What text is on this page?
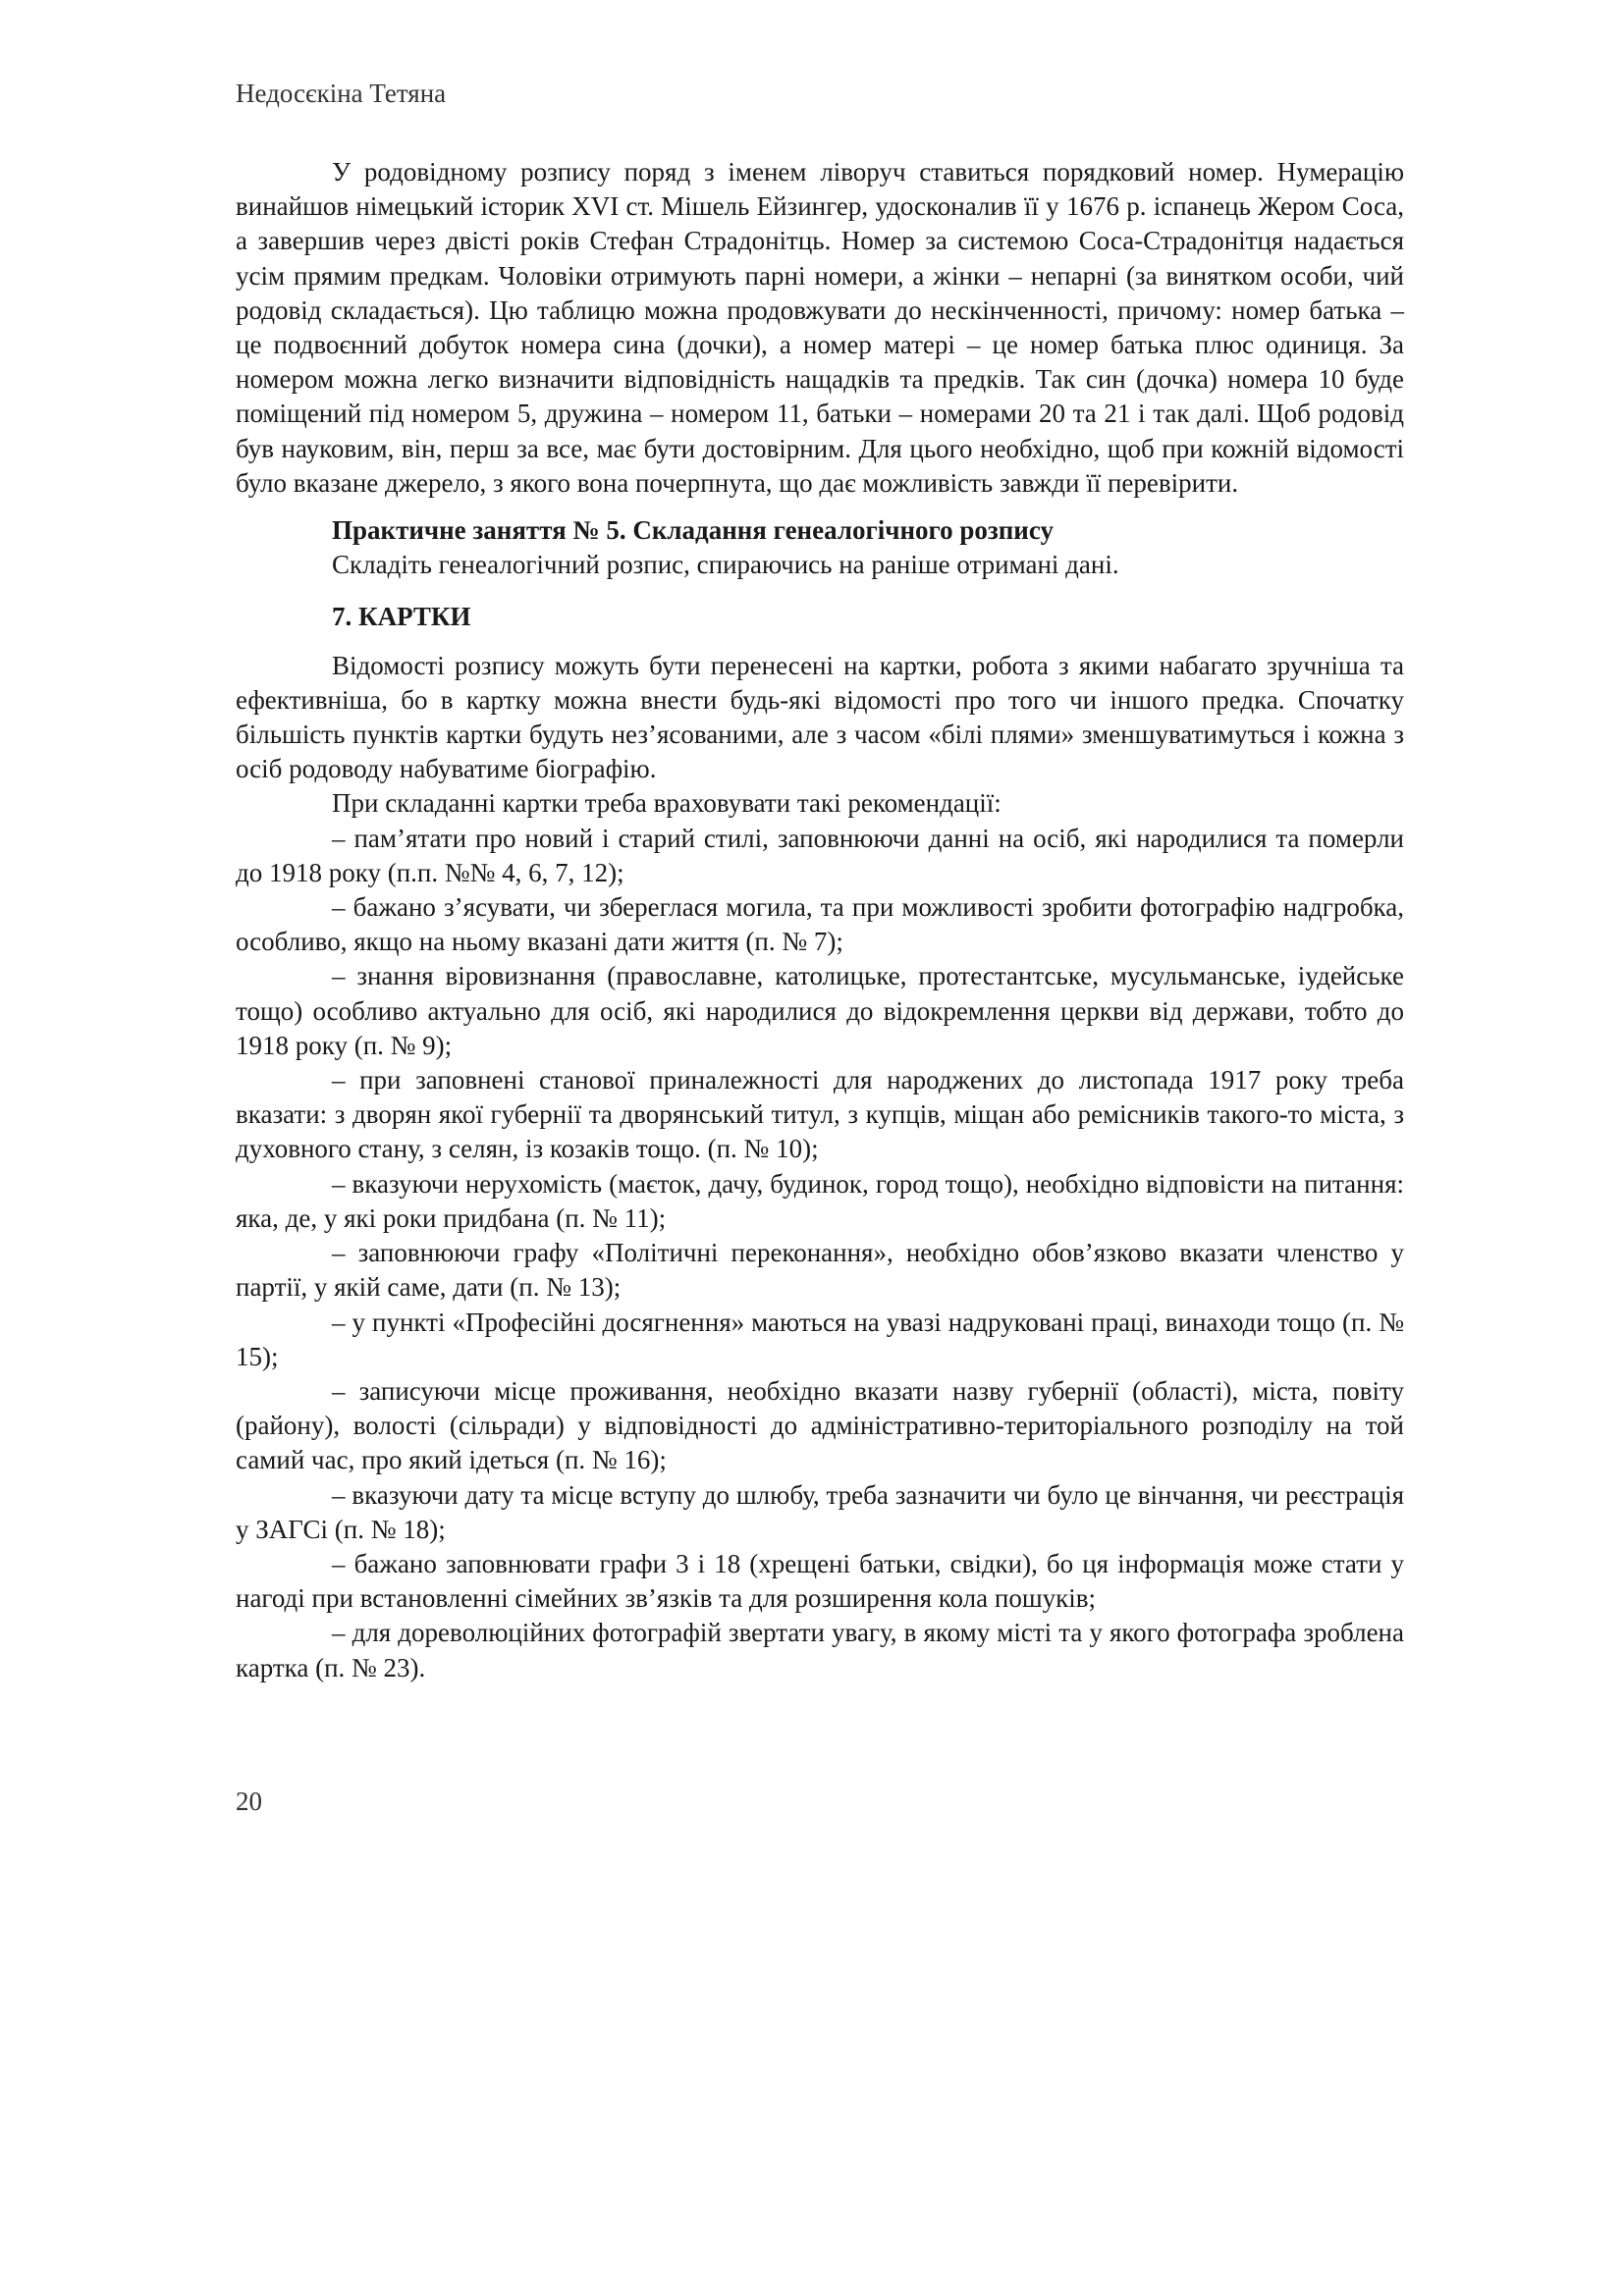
Недосєкіна Тетяна

У родовідному розпису поряд з іменем ліворуч ставиться порядковий номер. Нумерацію винайшов німецький історик XVI ст. Мішель Ейзингер, удосконалив її у 1676 р. іспанець Жером Соса, а завершив через двісті років Стефан Страдонітць. Номер за системою Соса-Страдонітця надається усім прямим предкам. Чоловіки отримують парні номери, а жінки – непарні (за винятком особи, чий родовід складається). Цю таблицю можна продовжувати до нескінченності, причому: номер батька – це подвоєнний добуток номера сина (дочки), а номер матері – це номер батька плюс одиниця. За номером можна легко визначити відповідність нащадків та предків. Так син (дочка) номера 10 буде поміщений під номером 5, дружина – номером 11, батьки – номерами 20 та 21 і так далі. Щоб родовід був науковим, він, перш за все, має бути достовірним. Для цього необхідно, щоб при кожній відомості було вказане джерело, з якого вона почерпнута, що дає можливість завжди її перевірити.

Практичне заняття № 5. Складання генеалогічного розпису
Складіть генеалогічний розпис, спираючись на раніше отримані дані.
7. КАРТКИ

Відомості розпису можуть бути перенесені на картки, робота з якими набагато зручніша та ефективніша, бо в картку можна внести будь-які відомості про того чи іншого предка. Спочатку більшість пунктів картки будуть нез’ясованими, але з часом «білі плями» зменшуватимуться і кожна з осіб родоводу набуватиме біографію.

При складанні картки треба враховувати такі рекомендації:

– пам’ятати про новий і старий стилі, заповнюючи данні на осіб, які народилися та померли до 1918 року (п.п. №№ 4, 6, 7, 12);

– бажано з’ясувати, чи збереглася могила, та при можливості зробити фотографію надгробка, особливо, якщо на ньому вказані дати життя (п. № 7);

– знання віровизнання (православне, католицьке, протестантське, мусульманське, іудейське тощо) особливо актуально для осіб, які народилися до відокремлення церкви від держави, тобто до 1918 року (п. № 9);

– при заповнені станової приналежності для народжених до листопада 1917 року треба вказати: з дворян якої губернії та дворянський титул, з купців, міщан або ремісників такого-то міста, з духовного стану, з селян, із козаків тощо. (п. № 10);

– вказуючи нерухомість (маєток, дачу, будинок, город тощо), необхідно відповісти на питання: яка, де, у які роки придбана (п. № 11);

– заповнюючи графу «Політичні переконання», необхідно обов’язково вказати членство у партії, у якій саме, дати (п. № 13);

– у пункті «Професійні досягнення» маються на увазі надруковані праці, винаходи тощо (п. № 15);

– записуючи місце проживання, необхідно вказати назву губернії (області), міста, повіту (району), волості (сільради) у відповідності до адміністративно-територіального розподілу на той самий час, про який ідеться (п. № 16);

– вказуючи дату та місце вступу до шлюбу, треба зазначити чи було це вінчання, чи реєстрація у ЗАГСі (п. № 18);

– бажано заповнювати графи 3 і 18 (хрещені батьки, свідки), бо ця інформація може стати у нагоді при встановленні сімейних зв’язків та для розширення кола пошуків;

– для дореволюційних фотографій звертати увагу, в якому місті та у якого фотографа зроблена картка (п. № 23).

20
